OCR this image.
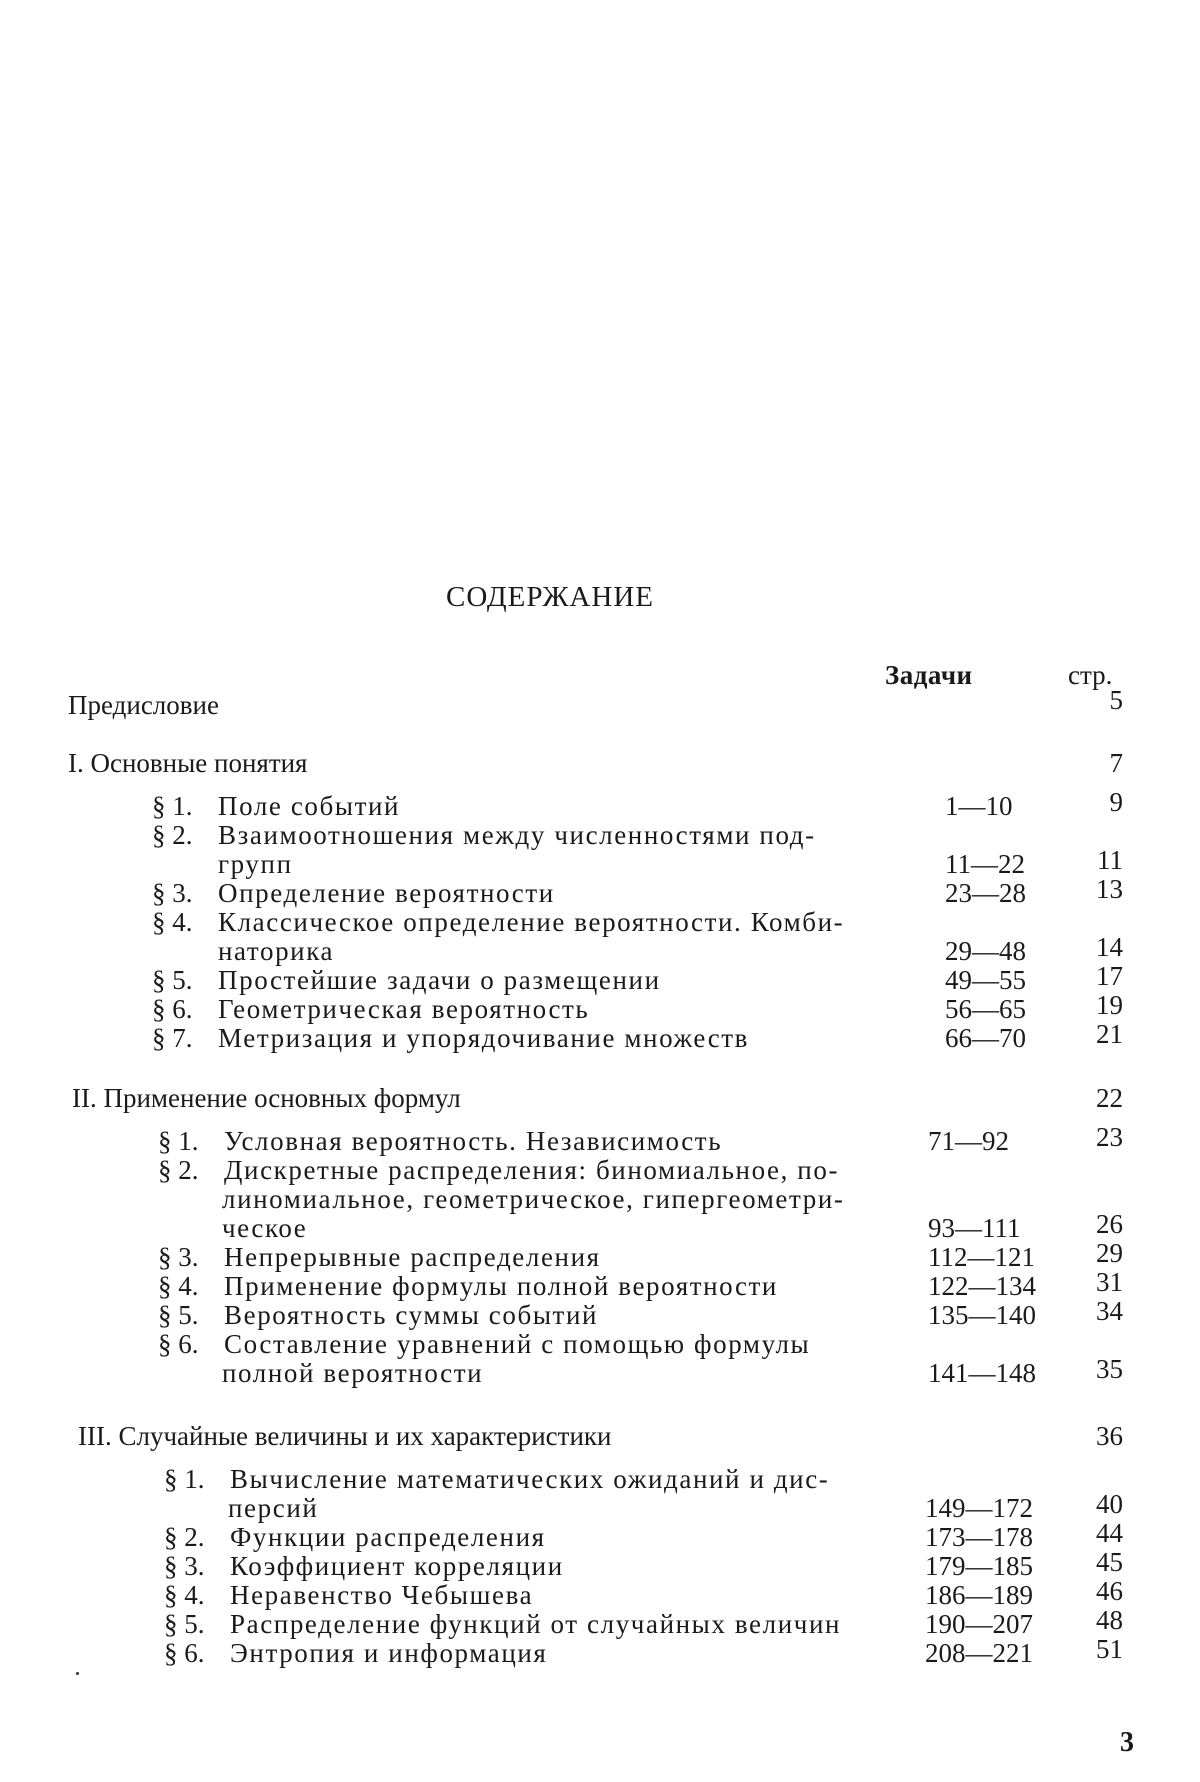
СОДЕРЖАНИЕ
Задачи	стр.
Предисловие	5
I. Основные понятия	7
§ 1. Поле событий	1—10	9
§ 2. Взаимоотношения между численностями под-
групп	11—22	11
§ 3. Определение вероятности	23—28	13
§ 4. Классическое определение вероятности. Комби-
наторика	29—48	14
§ 5. Простейшие задачи о размещении	49—55	17
§ 6. Геометрическая вероятность	56—65	19
§ 7. Метризация и упорядочивание множеств	66—70	21
II. Применение основных формул	22
§ 1. Условная вероятность. Независимость	71—92	23
§ 2. Дискретные распределения: биномиальное, по-
линомиальное, геометрическое, гипергеометри-
ческое	93—111	26
§ 3. Непрерывные распределения	112—121	29
§ 4. Применение формулы полной вероятности	122—134	31
§ 5. Вероятность суммы событий	135—140	34
§ 6. Составление уравнений с помощью формулы
полной вероятности	141—148	35
III. Случайные величины и их характеристики	36
§ 1. Вычисление математических ожиданий и дис-
персий	149—172	40
§ 2. Функции распределения	173—178	44
§ 3. Коэффициент корреляции	179—185	45
§ 4. Неравенство Чебышева	186—189	46
§ 5. Распределение функций от случайных величин	190—207	48
§ 6. Энтропия и информация	208—221	51
3
